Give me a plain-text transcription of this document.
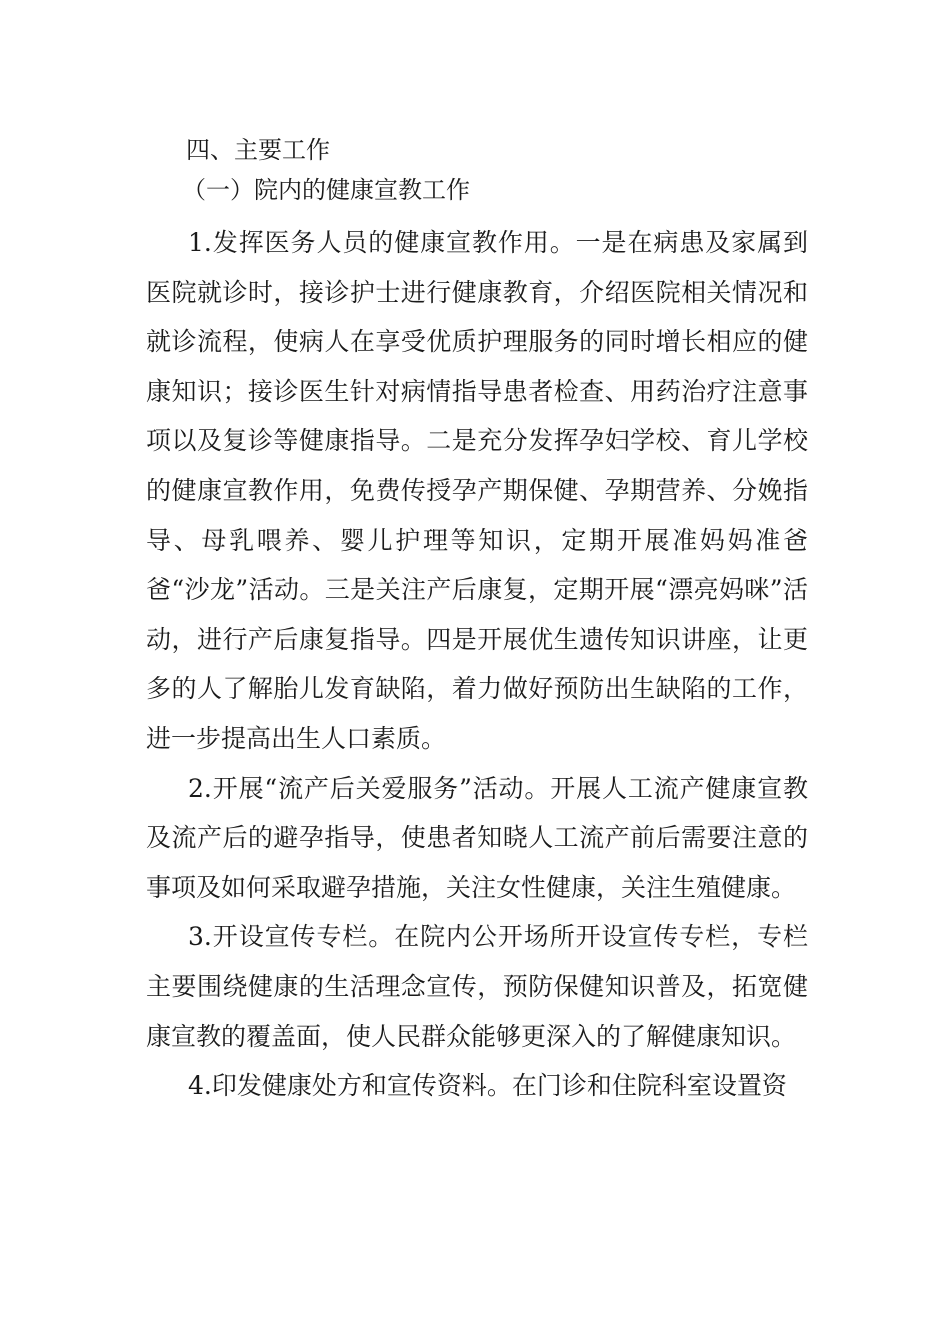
四、主要工作

（一）院内的健康宣教工作

1.发挥医务人员的健康宣教作用。一是在病患及家属到医院就诊时，接诊护士进行健康教育，介绍医院相关情况和就诊流程，使病人在享受优质护理服务的同时增长相应的健康知识；接诊医生针对病情指导患者检查、用药治疗注意事项以及复诊等健康指导。二是充分发挥孕妇学校、育儿学校的健康宣教作用，免费传授孕产期保健、孕期营养、分娩指导、母乳喂养、婴儿护理等知识，定期开展准妈妈准爸爸“沙龙”活动。三是关注产后康复，定期开展“漂亮妈咪”活动，进行产后康复指导。四是开展优生遗传知识讲座，让更多的人了解胎儿发育缺陷，着力做好预防出生缺陷的工作，进一步提高出生人口素质。

2.开展“流产后关爱服务”活动。开展人工流产健康宣教及流产后的避孕指导，使患者知晓人工流产前后需要注意的事项及如何采取避孕措施，关注女性健康，关注生殖健康。

3.开设宣传专栏。在院内公开场所开设宣传专栏，专栏主要围绕健康的生活理念宣传，预防保健知识普及，拓宽健康宣教的覆盖面，使人民群众能够更深入的了解健康知识。

4.印发健康处方和宣传资料。在门诊和住院科室设置资
